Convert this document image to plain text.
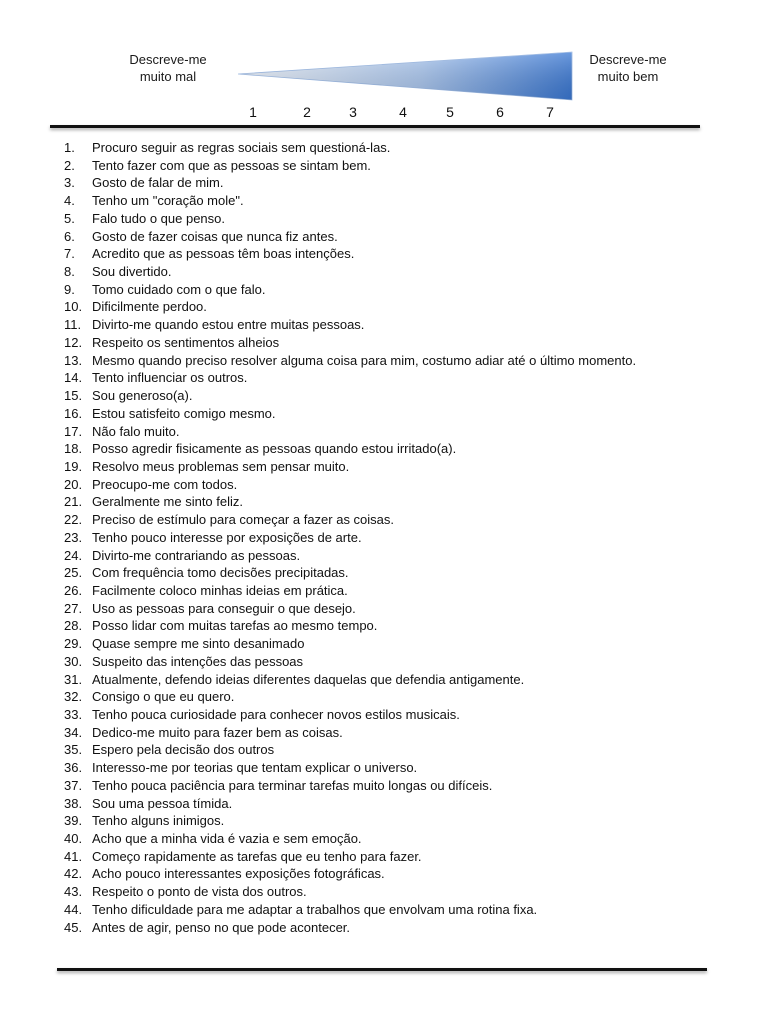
Descreve-me
muito mal
Descreve-me
muito bem
1	2	3	4	5	6	7
1.	Procuro seguir as regras sociais sem questioná-las.
2.	Tento fazer com que as pessoas se sintam bem.
3.	Gosto de falar de mim.
4.	Tenho um "coração mole".
5.	Falo tudo o que penso.
6.	Gosto de fazer coisas que nunca fiz antes.
7.	Acredito que as pessoas têm boas intenções.
8.	Sou divertido.
9.	Tomo cuidado com o que falo.
10. Dificilmente perdoo.
11. Divirto-me quando estou entre muitas pessoas.
12. Respeito os sentimentos alheios
13. Mesmo quando preciso resolver alguma coisa para mim, costumo adiar até o último momento.
14. Tento influenciar os outros.
15. Sou generoso(a).
16. Estou satisfeito comigo mesmo.
17. Não falo muito.
18. Posso agredir fisicamente as pessoas quando estou irritado(a).
19. Resolvo meus problemas sem pensar muito.
20. Preocupo-me com todos.
21. Geralmente me sinto feliz.
22. Preciso de estímulo para começar a fazer as coisas.
23. Tenho pouco interesse por exposições de arte.
24. Divirto-me contrariando as pessoas.
25. Com frequência tomo decisões precipitadas.
26. Facilmente coloco minhas ideias em prática.
27. Uso as pessoas para conseguir o que desejo.
28. Posso lidar com muitas tarefas ao mesmo tempo.
29. Quase sempre me sinto desanimado
30. Suspeito das intenções das pessoas
31. Atualmente, defendo ideias diferentes daquelas que defendia antigamente.
32. Consigo o que eu quero.
33. Tenho pouca curiosidade para conhecer novos estilos musicais.
34. Dedico-me muito para fazer bem as coisas.
35. Espero pela decisão dos outros
36. Interesso-me por teorias que tentam explicar o universo.
37. Tenho pouca paciência para terminar tarefas muito longas ou difíceis.
38. Sou uma pessoa tímida.
39. Tenho alguns inimigos.
40. Acho que a minha vida é vazia e sem emoção.
41. Começo rapidamente as tarefas que eu tenho para fazer.
42. Acho pouco interessantes exposições fotográficas.
43. Respeito o ponto de vista dos outros.
44. Tenho dificuldade para me adaptar a trabalhos que envolvam uma rotina fixa.
45. Antes de agir, penso no que pode acontecer.
